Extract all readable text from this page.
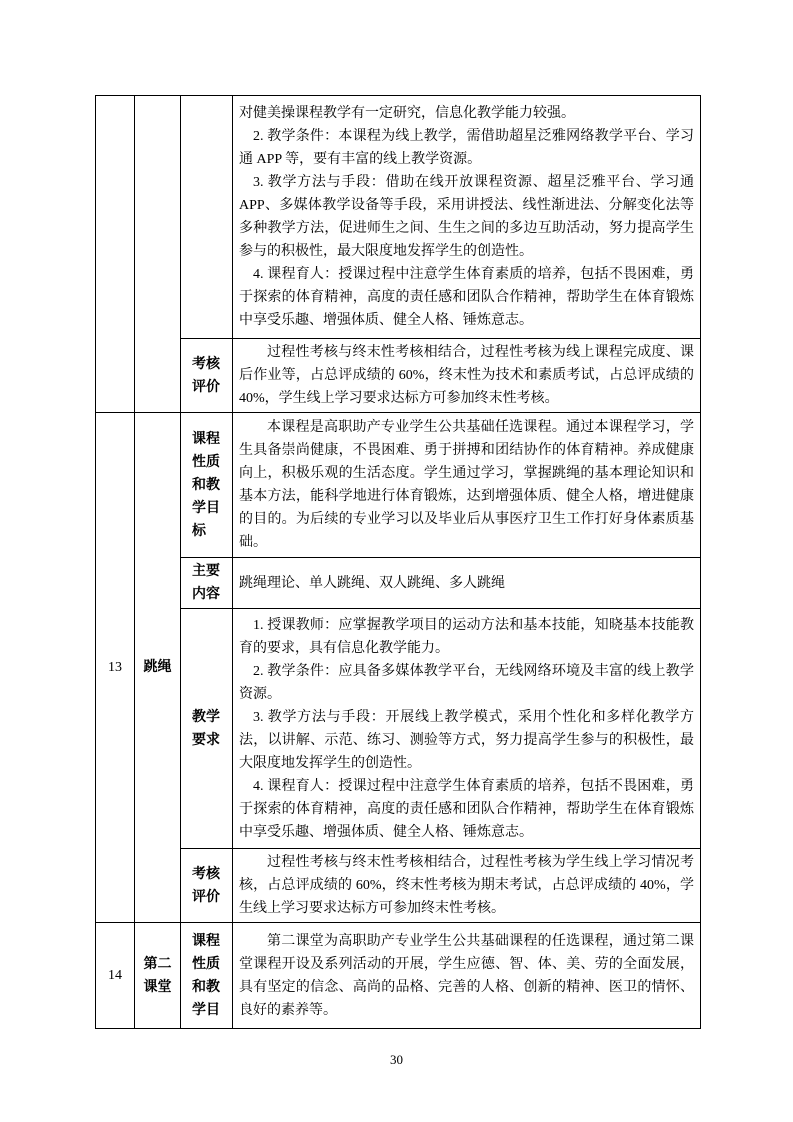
			对健美操课程教学有一定研究，信息化教学能力较强。

2. 教学条件：本课程为线上教学，需借助超星泛雅网络教学平台、学习通 APP 等，要有丰富的线上教学资源。

3. 教学方法与手段：借助在线开放课程资源、超星泛雅平台、学习通 APP、多媒体教学设备等手段，采用讲授法、线性渐进法、分解变化法等多种教学方法，促进师生之间、生生之间的多边互助活动，努力提高学生参与的积极性，最大限度地发挥学生的创造性。

4. 课程育人：授课过程中注意学生体育素质的培养，包括不畏困难，勇于探索的体育精神，高度的责任感和团队合作精神，帮助学生在体育锻炼中享受乐趣、增强体质、健全人格、锤炼意志。

		考核评价	过程性考核与终末性考核相结合，过程性考核为线上课程完成度、课后作业等，占总评成绩的 60%，终末性为技术和素质考试，占总评成绩的 40%，学生线上学习要求达标方可参加终末性考核。

13	跳绳	课程性质和教学目标	本课程是高职助产专业学生公共基础任选课程。通过本课程学习，学生具备崇尚健康，不畏困难、勇于拼搏和团结协作的体育精神。养成健康向上，积极乐观的生活态度。学生通过学习，掌握跳绳的基本理论知识和基本方法，能科学地进行体育锻炼，达到增强体质、健全人格，增进健康的目的。为后续的专业学习以及毕业后从事医疗卫生工作打好身体素质基础。

		主要内容	跳绳理论、单人跳绳、双人跳绳、多人跳绳

		教学要求	1. 授课教师：应掌握教学项目的运动方法和基本技能，知晓基本技能教育的要求，具有信息化教学能力。

2. 教学条件：应具备多媒体教学平台，无线网络环境及丰富的线上教学资源。

3. 教学方法与手段：开展线上教学模式，采用个性化和多样化教学方法，以讲解、示范、练习、测验等方式，努力提高学生参与的积极性，最大限度地发挥学生的创造性。

4. 课程育人：授课过程中注意学生体育素质的培养，包括不畏困难，勇于探索的体育精神，高度的责任感和团队合作精神，帮助学生在体育锻炼中享受乐趣、增强体质、健全人格、锤炼意志。

		考核评价	过程性考核与终末性考核相结合，过程性考核为学生线上学习情况考核，占总评成绩的 60%，终末性考核为期末考试，占总评成绩的 40%，学生线上学习要求达标方可参加终末性考核。

14	第二课堂	课程性质和教学目	第二课堂为高职助产专业学生公共基础课程的任选课程，通过第二课堂课程开设及系列活动的开展，学生应德、智、体、美、劳的全面发展，具有坚定的信念、高尚的品格、完善的人格、创新的精神、医卫的情怀、良好的素养等。

30
